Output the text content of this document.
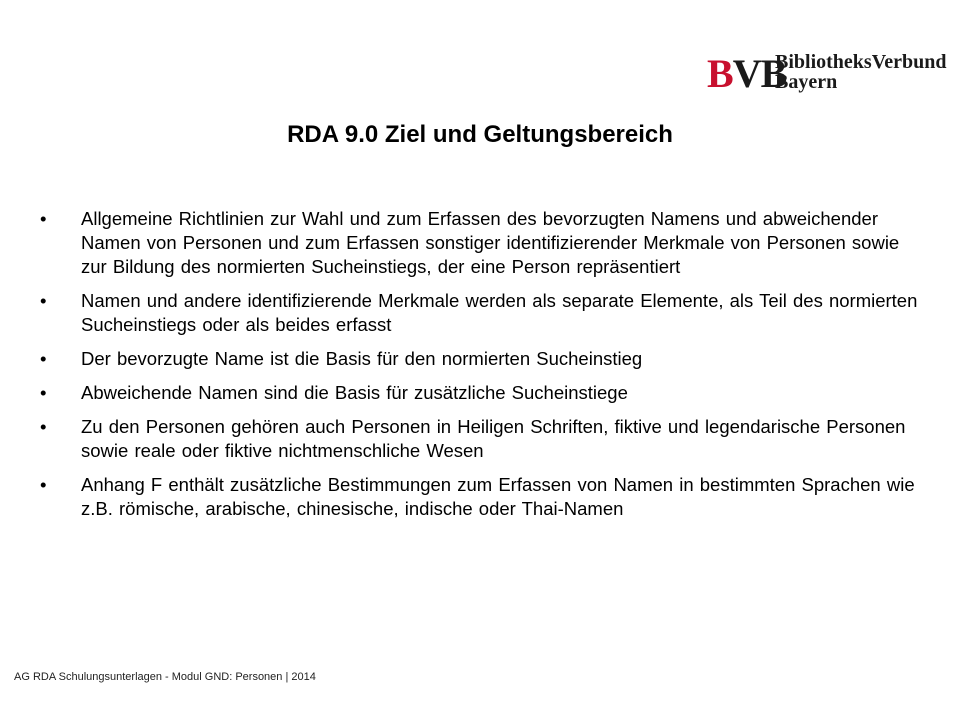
B VB
BibliotheksVerbund
Bayern
RDA 9.0 Ziel und Geltungsbereich
• Allgemeine Richtlinien zur Wahl und zum Erfassen des bevorzugten Namens und abweichender Namen von Personen und zum Erfassen sonstiger identifizierender Merkmale von Personen sowie zur Bildung des normierten Sucheinstiegs, der eine Person repräsentiert
• Namen und andere identifizierende Merkmale werden als separate Elemente, als Teil des normierten Sucheinstiegs oder als beides erfasst
• Der bevorzugte Name ist die Basis für den normierten Sucheinstieg
• Abweichende Namen sind die Basis für zusätzliche Sucheinstiege
• Zu den Personen gehören auch Personen in Heiligen Schriften, fiktive und legendarische Personen sowie reale oder fiktive nichtmenschliche Wesen
• Anhang F enthält zusätzliche Bestimmungen zum Erfassen von Namen in bestimmten Sprachen wie z.B. römische, arabische, chinesische, indische oder Thai-Namen
AG RDA Schulungsunterlagen - Modul GND: Personen | 2014
